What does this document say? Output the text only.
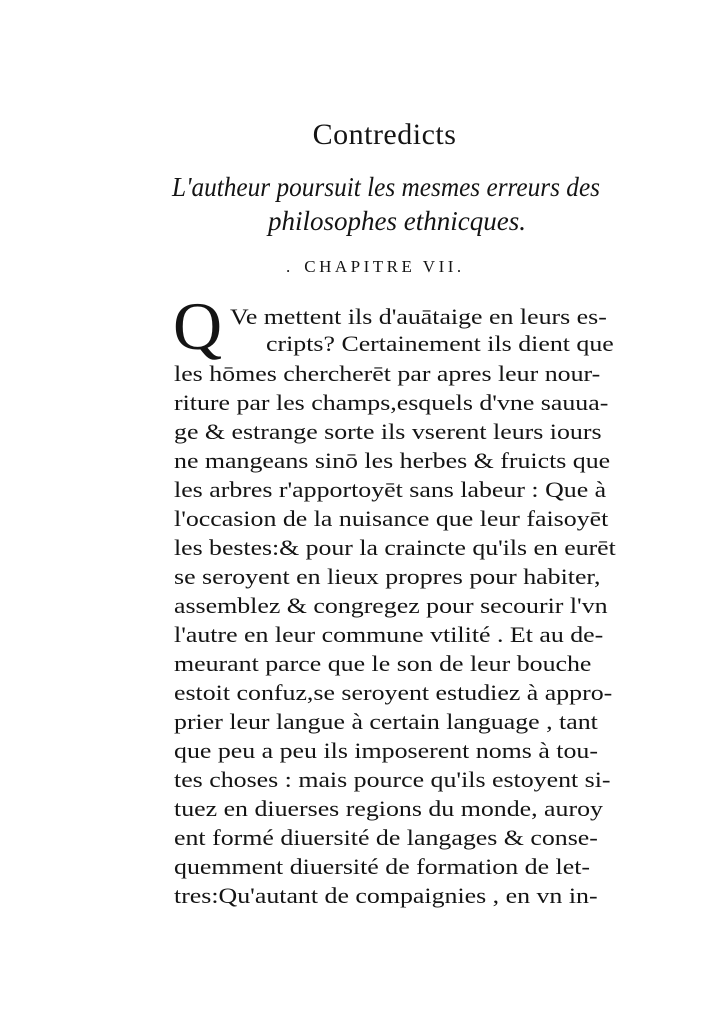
Contredicts
L'autheur poursuit les mesmes erreurs des
philosophes ethnicques.
. CHAPITRE VII.
Q Ve mettent ils d'auātaige en leurs es-
cripts? Certainement ils dient que
les hōmes chercherēt par apres leur nour-
riture par les champs,esquels d'vne sauua-
ge & estrange sorte ils vserent leurs iours
ne mangeans sinō les herbes & fruicts que
les arbres r'apportoyēt sans labeur : Que à
l'occasion de la nuisance que leur faisoyēt
les bestes:& pour la craincte qu'ils en eurēt
se seroyent en lieux propres pour habiter,
assemblez & congregez pour secourir l'vn
l'autre en leur commune vtilité . Et au de-
meurant parce que le son de leur bouche
estoit confuz,se seroyent estudiez à appro-
prier leur langue à certain language , tant
que peu a peu ils imposerent noms à tou-
tes choses : mais pource qu'ils estoyent si-
tuez en diuerses regions du monde, auroy
ent formé diuersité de langages & conse-
quemment diuersité de formation de let-
tres:Qu'autant de compaignies , en vn in-
